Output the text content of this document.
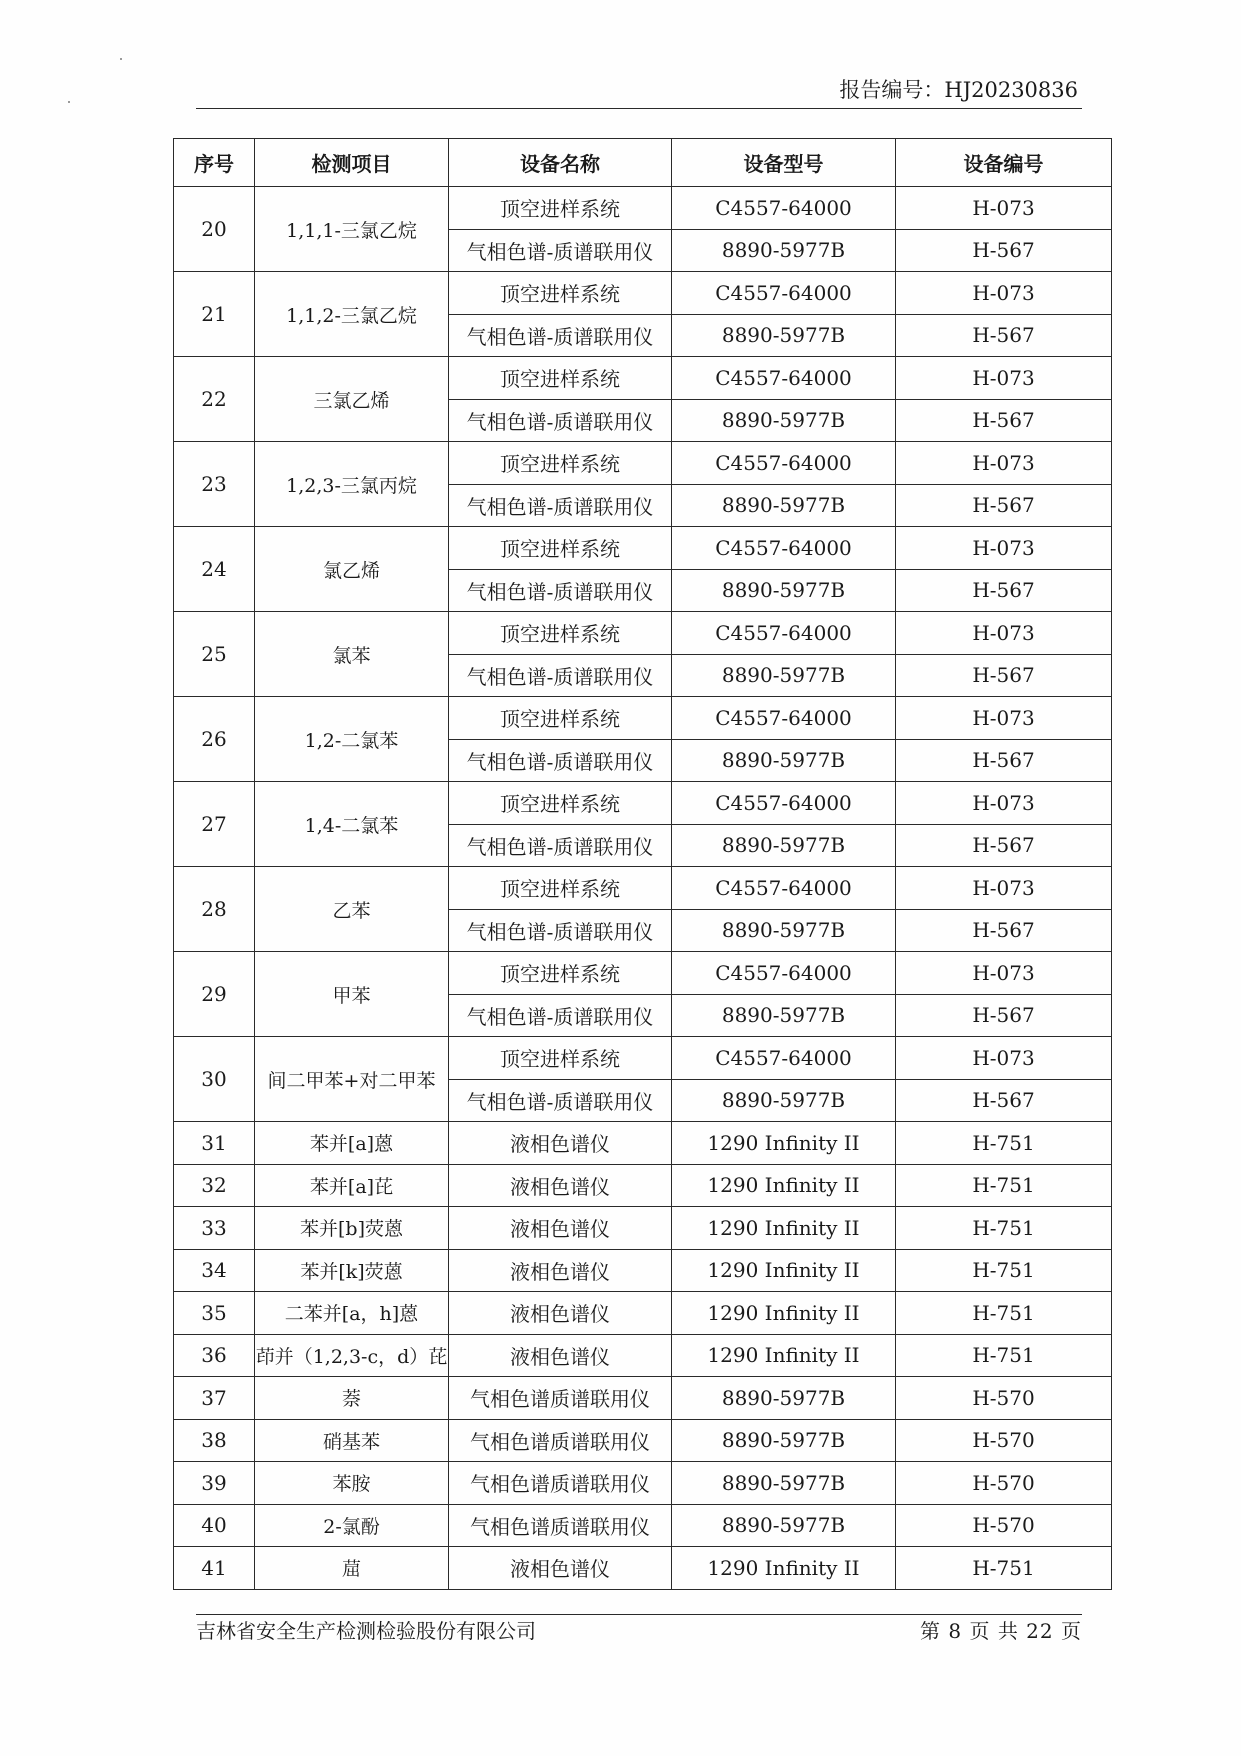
报告编号：HJ20230836
序号	检测项目	设备名称	设备型号	设备编号
20	1,1,1-三氯乙烷	顶空进样系统	C4557-64000	H-073
		气相色谱-质谱联用仪	8890-5977B	H-567
21	1,1,2-三氯乙烷	顶空进样系统	C4557-64000	H-073
		气相色谱-质谱联用仪	8890-5977B	H-567
22	三氯乙烯	顶空进样系统	C4557-64000	H-073
		气相色谱-质谱联用仪	8890-5977B	H-567
23	1,2,3-三氯丙烷	顶空进样系统	C4557-64000	H-073
		气相色谱-质谱联用仪	8890-5977B	H-567
24	氯乙烯	顶空进样系统	C4557-64000	H-073
		气相色谱-质谱联用仪	8890-5977B	H-567
25	氯苯	顶空进样系统	C4557-64000	H-073
		气相色谱-质谱联用仪	8890-5977B	H-567
26	1,2-二氯苯	顶空进样系统	C4557-64000	H-073
		气相色谱-质谱联用仪	8890-5977B	H-567
27	1,4-二氯苯	顶空进样系统	C4557-64000	H-073
		气相色谱-质谱联用仪	8890-5977B	H-567
28	乙苯	顶空进样系统	C4557-64000	H-073
		气相色谱-质谱联用仪	8890-5977B	H-567
29	甲苯	顶空进样系统	C4557-64000	H-073
		气相色谱-质谱联用仪	8890-5977B	H-567
30	间二甲苯+对二甲苯	顶空进样系统	C4557-64000	H-073
		气相色谱-质谱联用仪	8890-5977B	H-567
31	苯并[a]蒽	液相色谱仪	1290 Infinity II	H-751
32	苯并[a]芘	液相色谱仪	1290 Infinity II	H-751
33	苯并[b]荧蒽	液相色谱仪	1290 Infinity II	H-751
34	苯并[k]荧蒽	液相色谱仪	1290 Infinity II	H-751
35	二苯并[a，h]蒽	液相色谱仪	1290 Infinity II	H-751
36	茚并（1,2,3-c，d）芘	液相色谱仪	1290 Infinity II	H-751
37	萘	气相色谱质谱联用仪	8890-5977B	H-570
38	硝基苯	气相色谱质谱联用仪	8890-5977B	H-570
39	苯胺	气相色谱质谱联用仪	8890-5977B	H-570
40	2-氯酚	气相色谱质谱联用仪	8890-5977B	H-570
41	䓛	液相色谱仪	1290 Infinity II	H-751
吉林省安全生产检测检验股份有限公司	第 8 页 共 22 页
